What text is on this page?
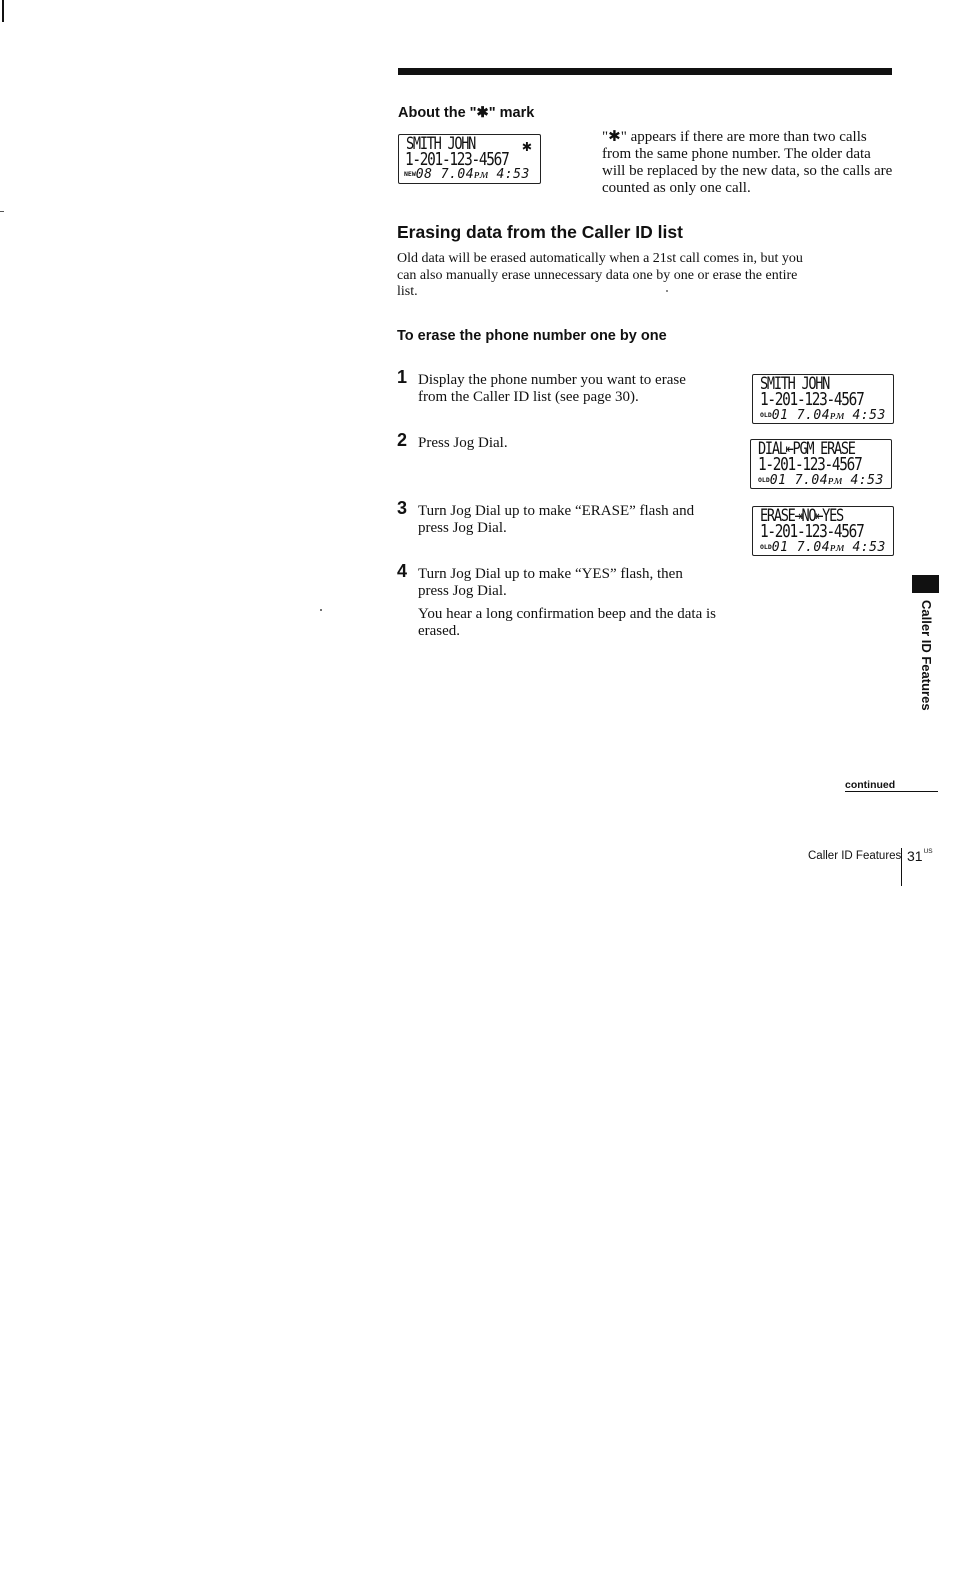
About the "✱" mark
SMITH JOHN	✱
1-201-123-4567
NEW08 7.04ᴘᴍ 4:53
"✱" appears if there are more than two calls from the same phone number. The older data will be replaced by the new data, so the calls are counted as only one call.
Erasing data from the Caller ID list
Old data will be erased automatically when a 21st call comes in, but you can also manually erase unnecessary data one by one or erase the entire list.
To erase the phone number one by one
1 Display the phone number you want to erase from the Caller ID list (see page 30).
2 Press Jog Dial.
3 Turn Jog Dial up to make “ERASE” flash and press Jog Dial.
4 Turn Jog Dial up to make “YES” flash, then press Jog Dial.
You hear a long confirmation beep and the data is erased.
SMITH JOHN
1-201-123-4567
OLD01 7.04ᴘᴍ 4:53
DIAL⇤PGM ERASE
1-201-123-4567
OLD01 7.04ᴘᴍ 4:53
ERASE⇥NO⇤YES
1-201-123-4567
OLD01 7.04ᴘᴍ 4:53
Caller ID Features
continued
Caller ID Features $31^{US}$
